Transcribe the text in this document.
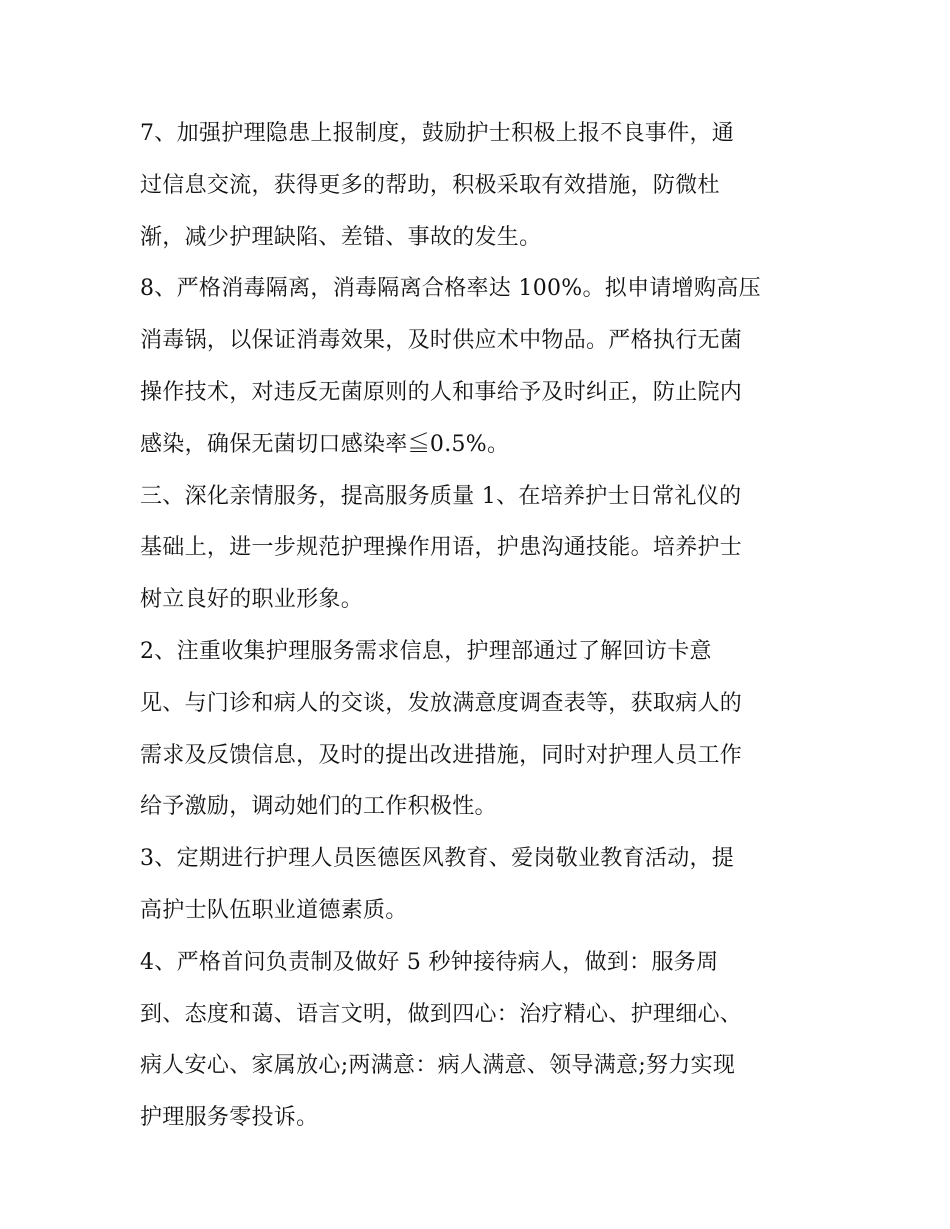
7、加强护理隐患上报制度，鼓励护士积极上报不良事件，通
过信息交流，获得更多的帮助，积极采取有效措施，防微杜
渐，减少护理缺陷、差错、事故的发生。

8、严格消毒隔离，消毒隔离合格率达 100%。拟申请增购高压
消毒锅，以保证消毒效果，及时供应术中物品。严格执行无菌
操作技术，对违反无菌原则的人和事给予及时纠正，防止院内
感染，确保无菌切口感染率≦0.5%。

三、深化亲情服务，提高服务质量 1、在培养护士日常礼仪的
基础上，进一步规范护理操作用语，护患沟通技能。培养护士
树立良好的职业形象。

2、注重收集护理服务需求信息，护理部通过了解回访卡意
见、与门诊和病人的交谈，发放满意度调查表等，获取病人的
需求及反馈信息，及时的提出改进措施，同时对护理人员工作
给予激励，调动她们的工作积极性。

3、定期进行护理人员医德医风教育、爱岗敬业教育活动，提
高护士队伍职业道德素质。

4、严格首问负责制及做好 5 秒钟接待病人，做到：服务周
到、态度和蔼、语言文明，做到四心：治疗精心、护理细心、
病人安心、家属放心;两满意：病人满意、领导满意;努力实现
护理服务零投诉。
